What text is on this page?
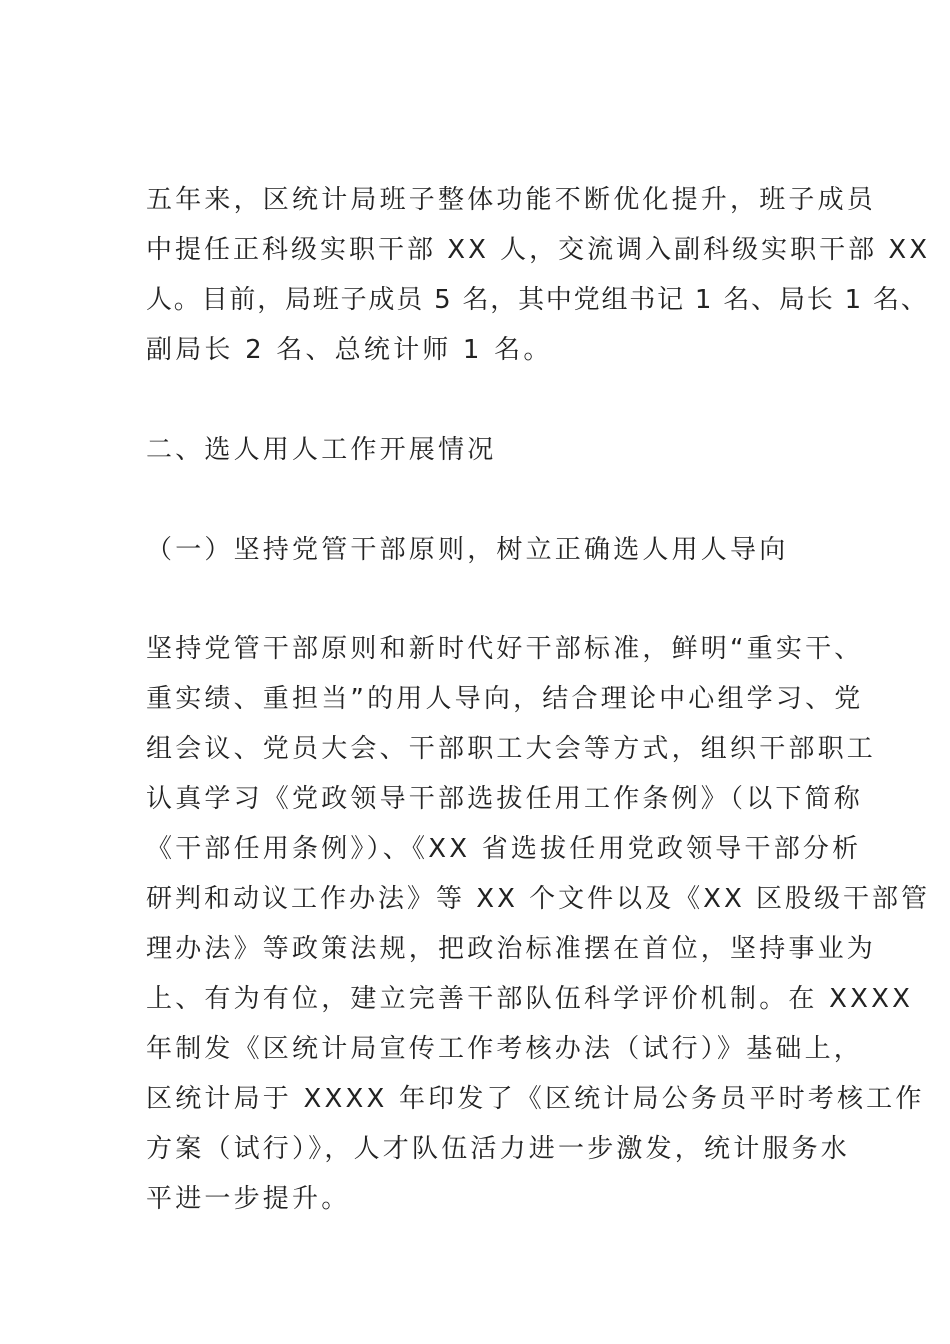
五年来，区统计局班子整体功能不断优化提升，班子成员
中提任正科级实职干部 XX 人，交流调入副科级实职干部 XX
人。目前，局班子成员 5 名，其中党组书记 1 名、局长 1 名、
副局长 2 名、总统计师 1 名。
二、选人用人工作开展情况
（一）坚持党管干部原则，树立正确选人用人导向
坚持党管干部原则和新时代好干部标准，鲜明“重实干、
重实绩、重担当”的用人导向，结合理论中心组学习、党
组会议、党员大会、干部职工大会等方式，组织干部职工
认真学习《党政领导干部选拔任用工作条例》（以下简称
《干部任用条例》）、《XX 省选拔任用党政领导干部分析
研判和动议工作办法》等 XX 个文件以及《XX 区股级干部管
理办法》等政策法规，把政治标准摆在首位，坚持事业为
上、有为有位，建立完善干部队伍科学评价机制。在 XXXX
年制发《区统计局宣传工作考核办法（试行）》基础上，
区统计局于 XXXX 年印发了《区统计局公务员平时考核工作
方案（试行）》，人才队伍活力进一步激发，统计服务水
平进一步提升。
